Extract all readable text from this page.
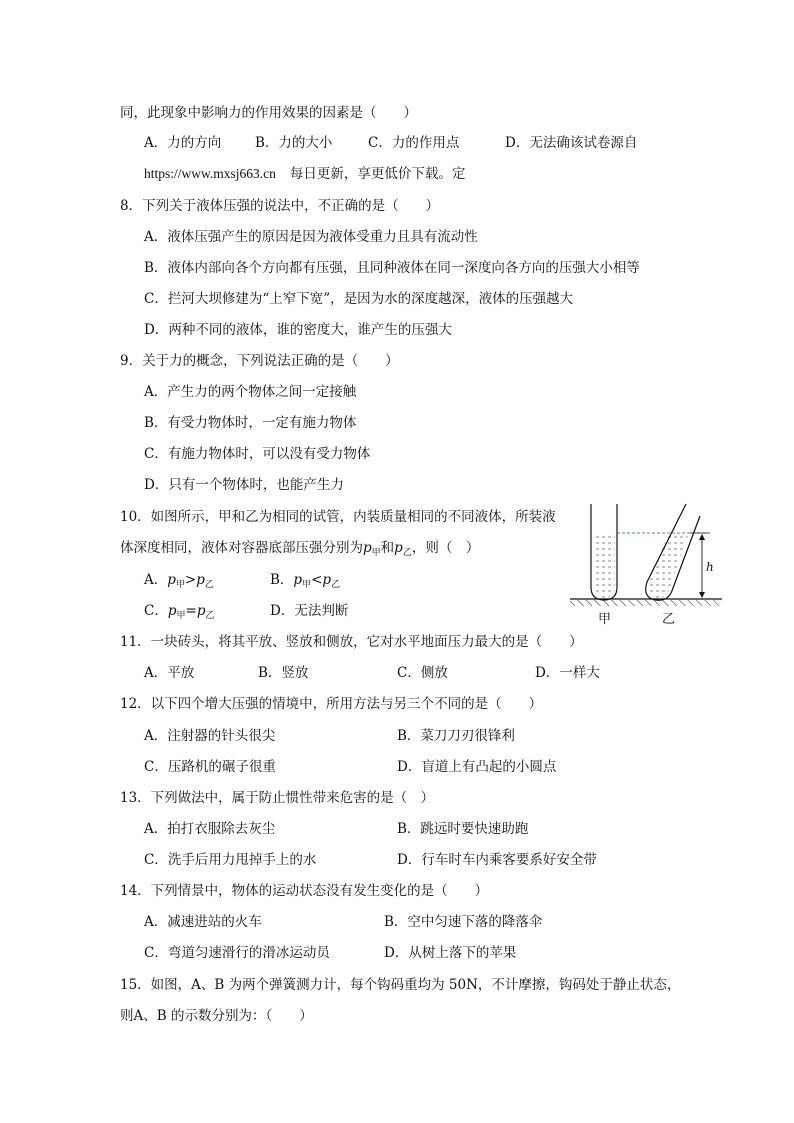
同，此现象中影响力的作用效果的因素是（　　）
A．力的方向	B．力的大小	C．力的作用点	D．无法确该试卷源自
https://www.mxsj663.cn 每日更新，享更低价下载。定
8．下列关于液体压强的说法中，不正确的是（　　）
A．液体压强产生的原因是因为液体受重力且具有流动性
B．液体内部向各个方向都有压强，且同种液体在同一深度向各方向的压强大小相等
C．拦河大坝修建为“上窄下宽”，是因为水的深度越深，液体的压强越大
D．两种不同的液体，谁的密度大，谁产生的压强大
9．关于力的概念，下列说法正确的是（　　）
A．产生力的两个物体之间一定接触
B．有受力物体时，一定有施力物体
C．有施力物体时，可以没有受力物体
D．只有一个物体时，也能产生力
10．如图所示，甲和乙为相同的试管，内装质量相同的不同液体，所装液
体深度相同，液体对容器底部压强分别为$p_甲$和$p_乙$，则（　）
A．$p_甲>p_乙$	B．$p_甲<p_乙$
C．$p_甲=p_乙$	D．无法判断
h
甲	乙
11．一块砖头，将其平放、竖放和侧放，它对水平地面压力最大的是（　　）
A．平放	B．竖放	C．侧放	D．一样大
12．以下四个增大压强的情境中，所用方法与另三个不同的是（　　）
A．注射器的针头很尖	B．菜刀刀刃很锋利
C．压路机的碾子很重	D．盲道上有凸起的小圆点
13．下列做法中，属于防止惯性带来危害的是（　）
A．拍打衣服除去灰尘	B．跳远时要快速助跑
C．洗手后用力甩掉手上的水	D．行车时车内乘客要系好安全带
14．下列情景中，物体的运动状态没有发生变化的是（　　）
A．减速进站的火车	B．空中匀速下落的降落伞
C．弯道匀速滑行的滑冰运动员	D．从树上落下的苹果
15．如图，A、B 为两个弹簧测力计，每个钩码重均为 50N，不计摩擦，钩码处于静止状态，
则A、B 的示数分别为：（　　）
